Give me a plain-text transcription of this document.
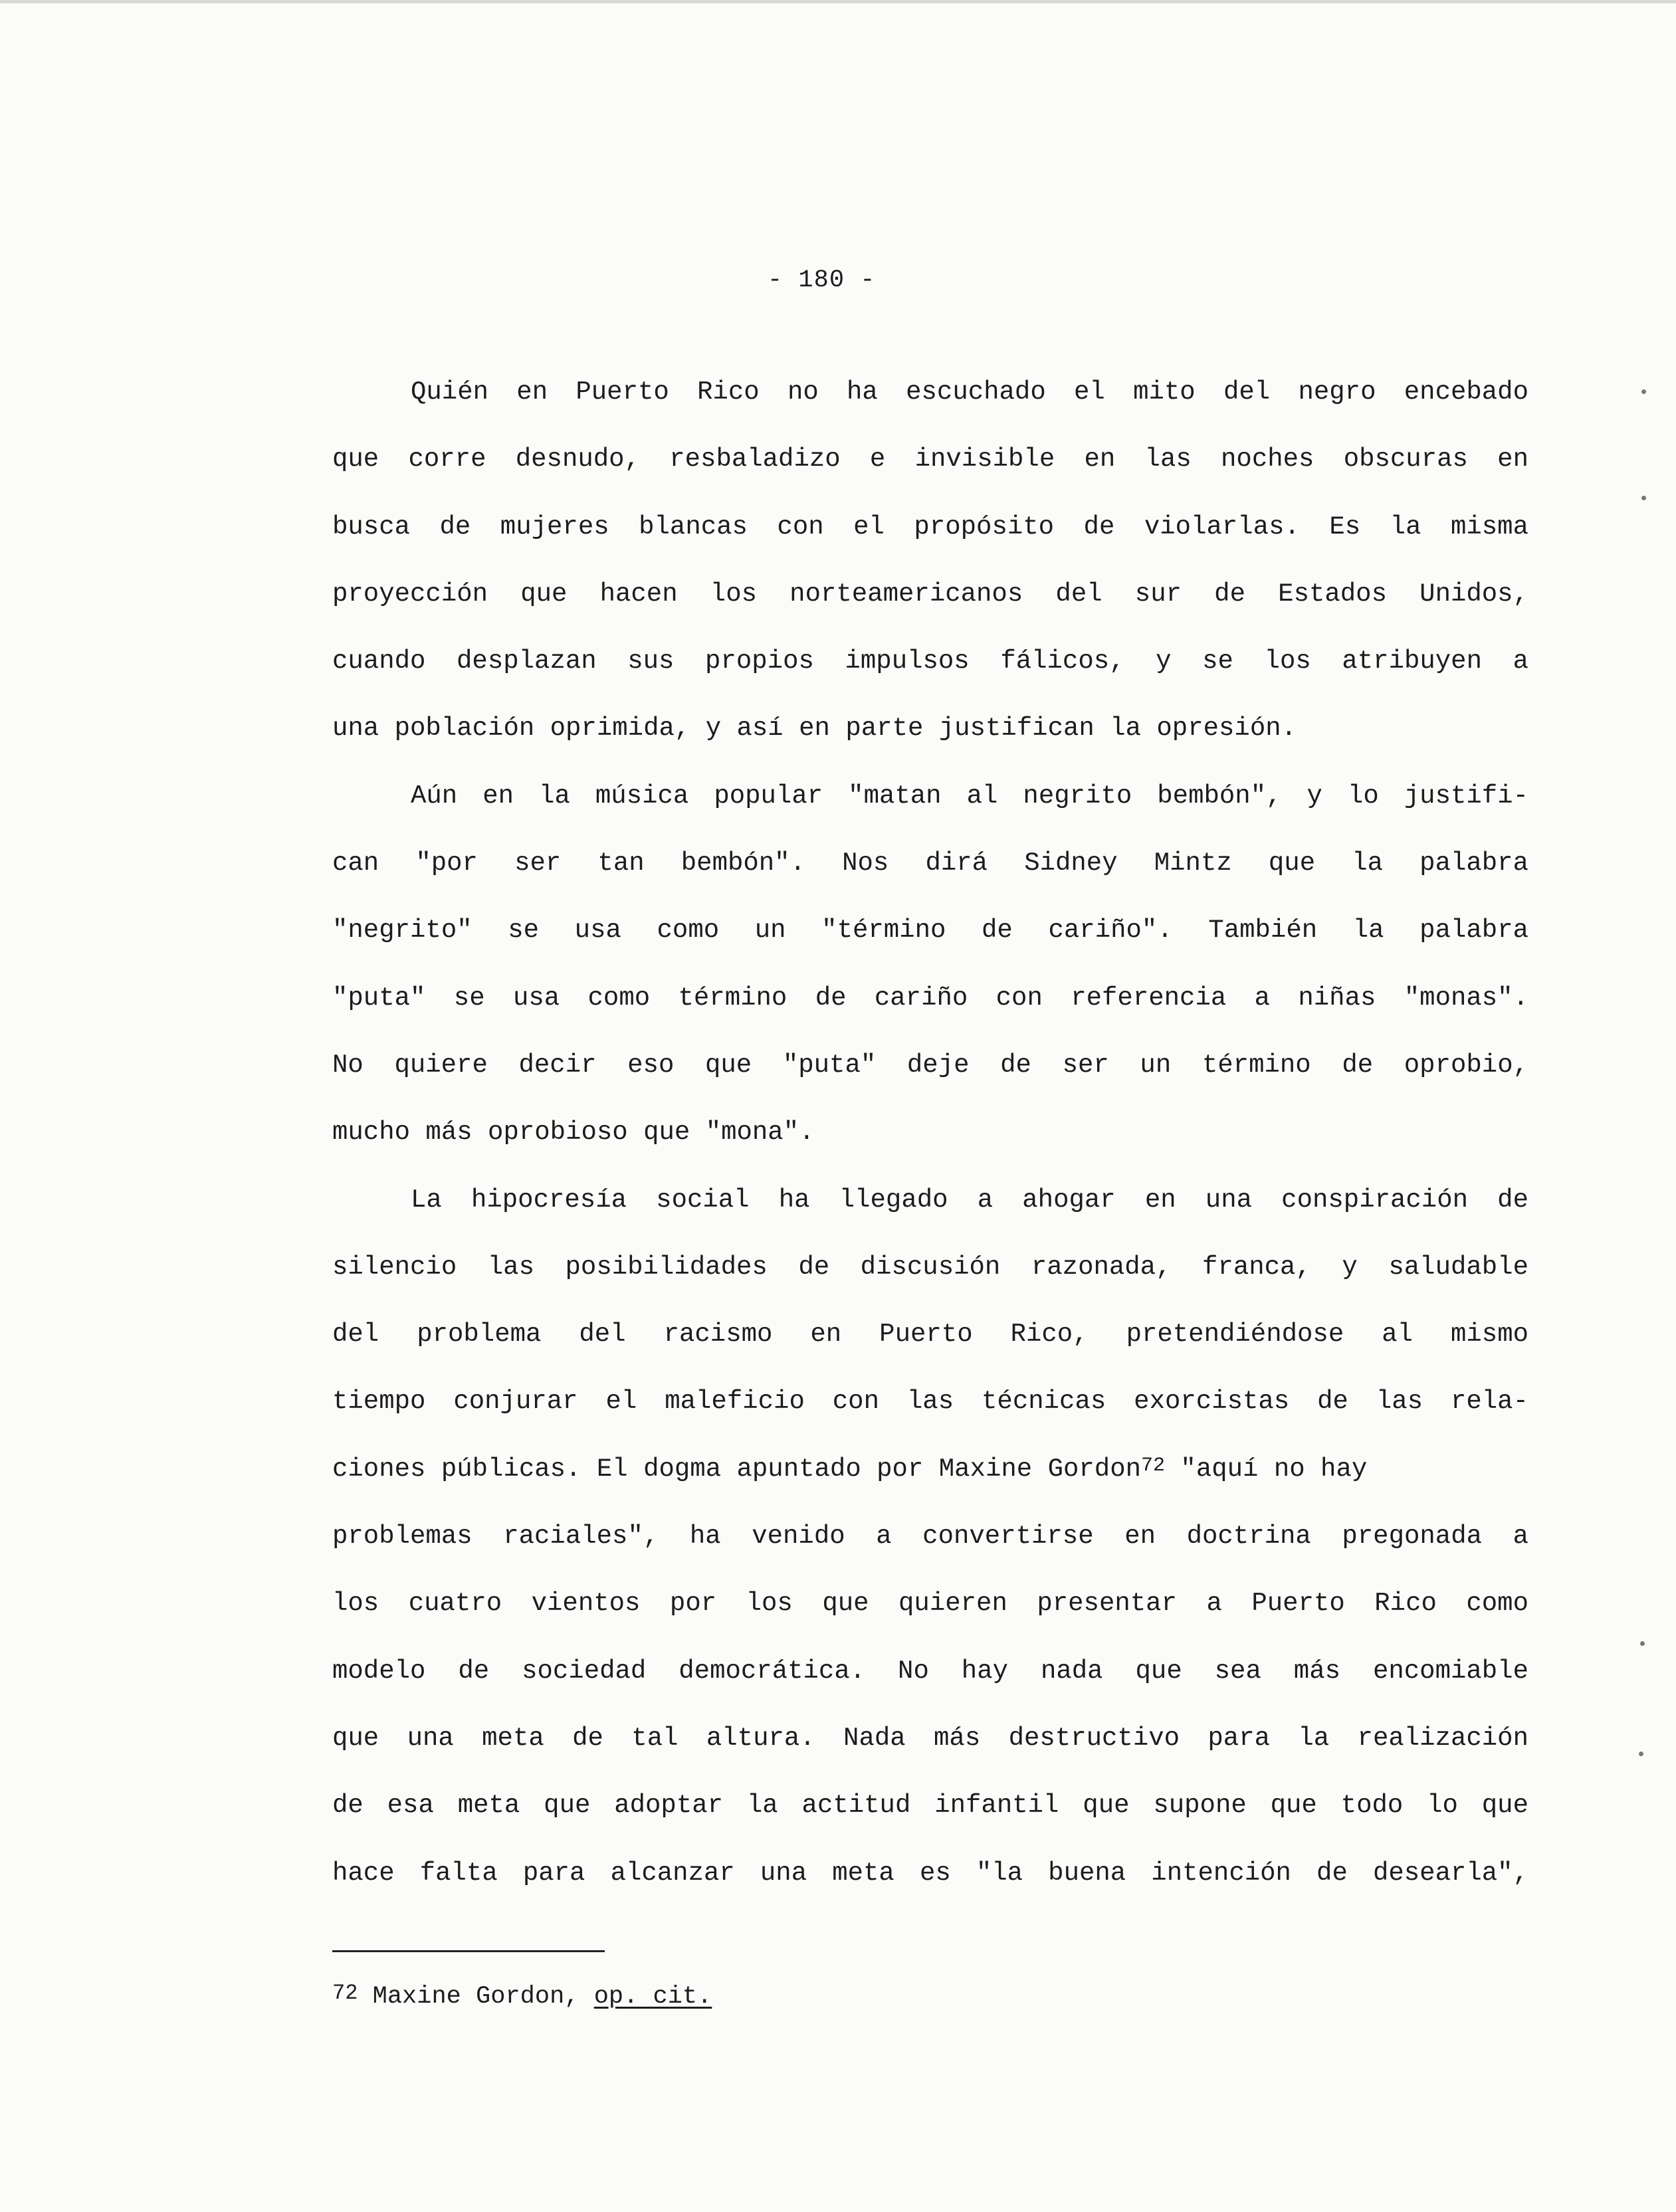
- 180 -
Quién en Puerto Rico no ha escuchado el mito del negro encebado
que corre desnudo, resbaladizo e invisible en las noches obscuras en
busca de mujeres blancas con el propósito de violarlas. Es la misma
proyección que hacen los norteamericanos del sur de Estados Unidos,
cuando desplazan sus propios impulsos fálicos, y se los atribuyen a
una población oprimida, y así en parte justifican la opresión.
Aún en la música popular "matan al negrito bembón", y lo justifi-
can "por ser tan bembón". Nos dirá Sidney Mintz que la palabra
"negrito" se usa como un "término de cariño". También la palabra
"puta" se usa como término de cariño con referencia a niñas "monas".
No quiere decir eso que "puta" deje de ser un término de oprobio,
mucho más oprobioso que "mona".
La hipocresía social ha llegado a ahogar en una conspiración de
silencio las posibilidades de discusión razonada, franca, y saludable
del problema del racismo en Puerto Rico, pretendiéndose al mismo
tiempo conjurar el maleficio con las técnicas exorcistas de las rela-
ciones públicas. El dogma apuntado por Maxine Gordon$^{72}$ "aquí no hay
problemas raciales", ha venido a convertirse en doctrina pregonada a
los cuatro vientos por los que quieren presentar a Puerto Rico como
modelo de sociedad democrática. No hay nada que sea más encomiable
que una meta de tal altura. Nada más destructivo para la realización
de esa meta que adoptar la actitud infantil que supone que todo lo que
hace falta para alcanzar una meta es "la buena intención de desearla",
$^{72}$ Maxine Gordon, op. cit.
